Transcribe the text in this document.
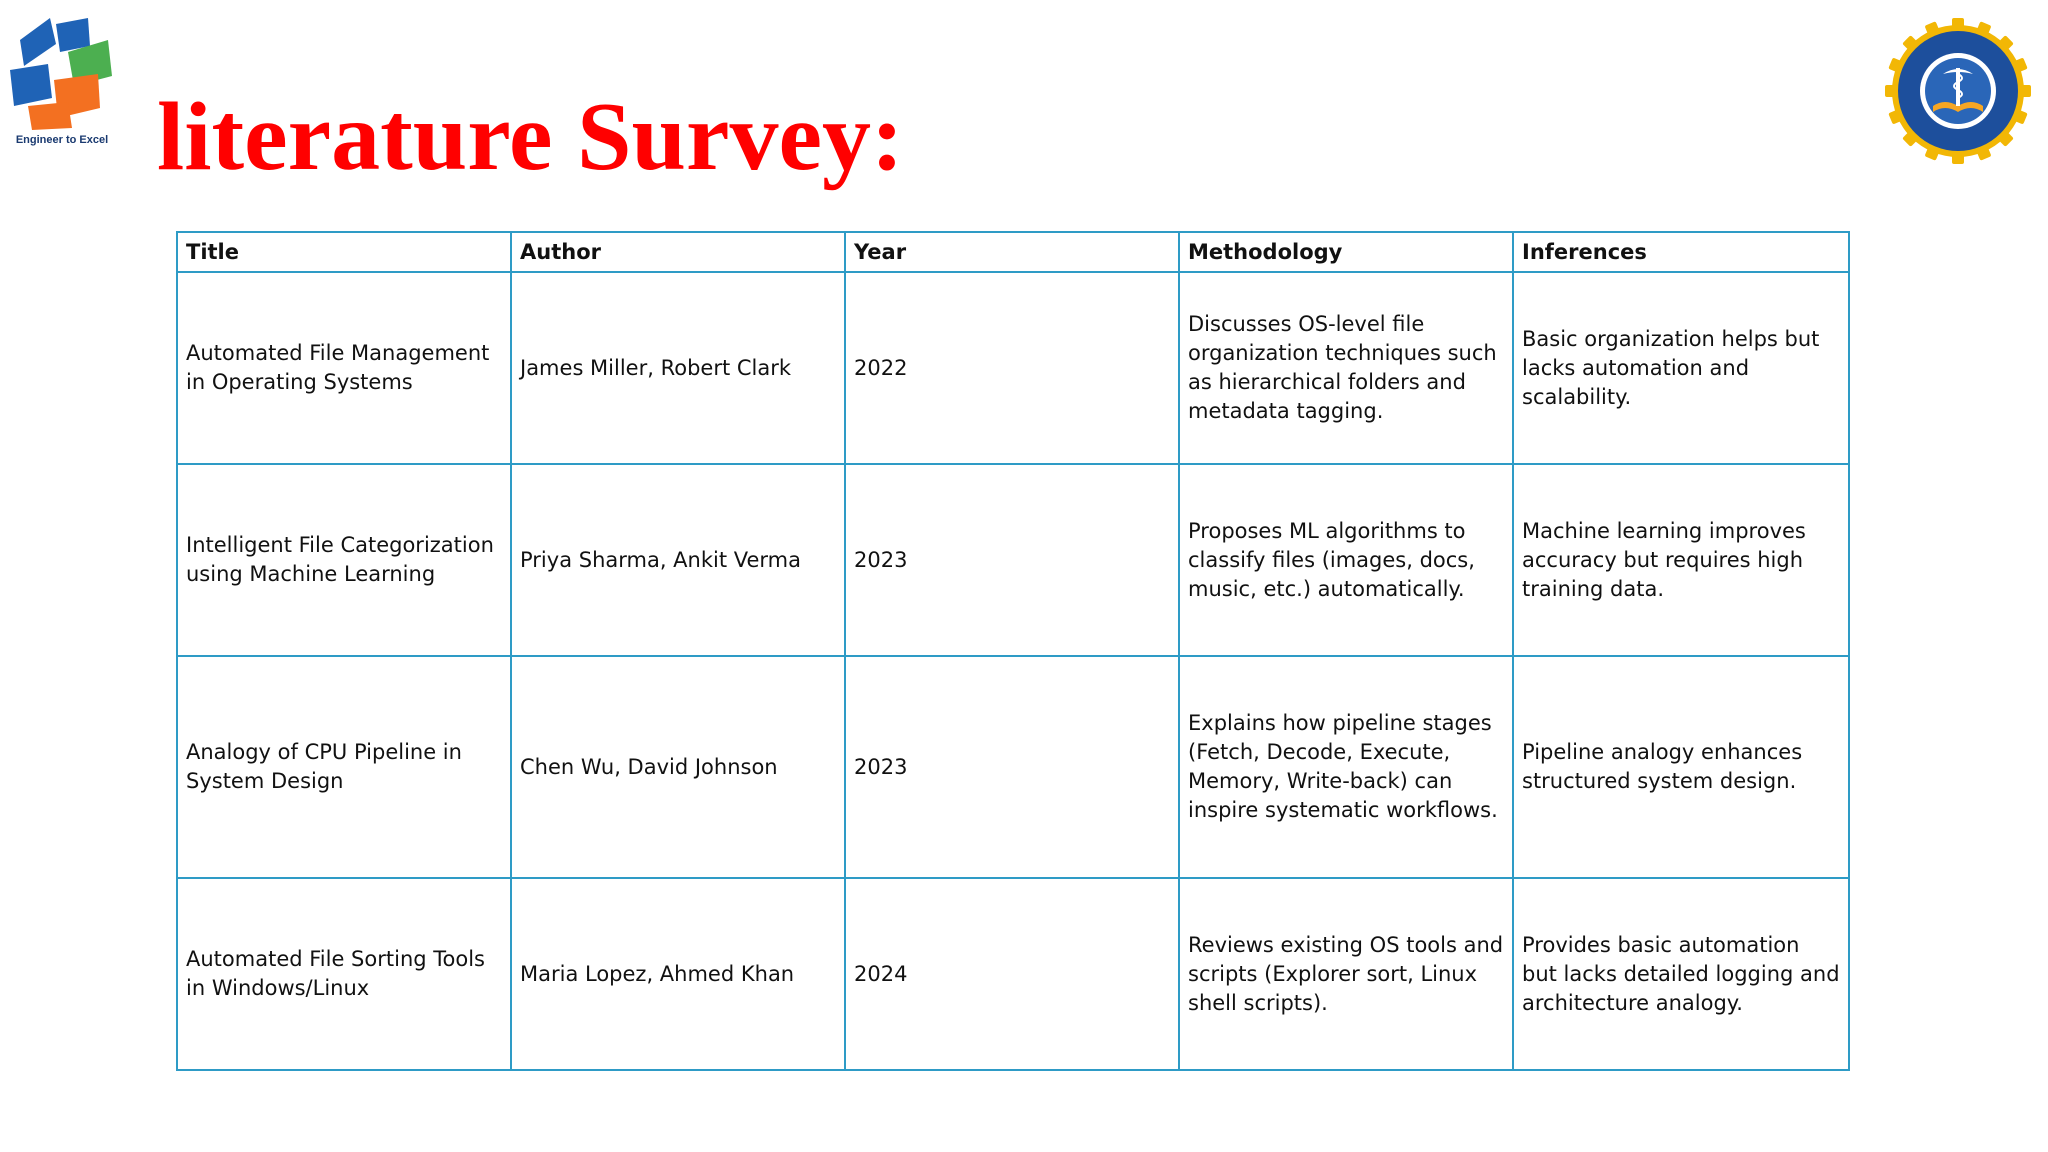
Engineer to Excel literature Survey:
Title	Author	Year	Methodology	Inferences
Automated File Management in Operating Systems	James Miller, Robert Clark	2022	Discusses OS-level file organization techniques such as hierarchical folders and metadata tagging.	Basic organization helps but lacks automation and scalability.
Intelligent File Categorization using Machine Learning	Priya Sharma, Ankit Verma	2023	Proposes ML algorithms to classify files (images, docs, music, etc.) automatically.	Machine learning improves accuracy but requires high training data.
Analogy of CPU Pipeline in System Design	Chen Wu, David Johnson	2023	Explains how pipeline stages (Fetch, Decode, Execute, Memory, Write-back) can inspire systematic workflows.	Pipeline analogy enhances structured system design.
Automated File Sorting Tools in Windows/Linux	Maria Lopez, Ahmed Khan	2024	Reviews existing OS tools and scripts (Explorer sort, Linux shell scripts).	Provides basic automation but lacks detailed logging and architecture analogy.
